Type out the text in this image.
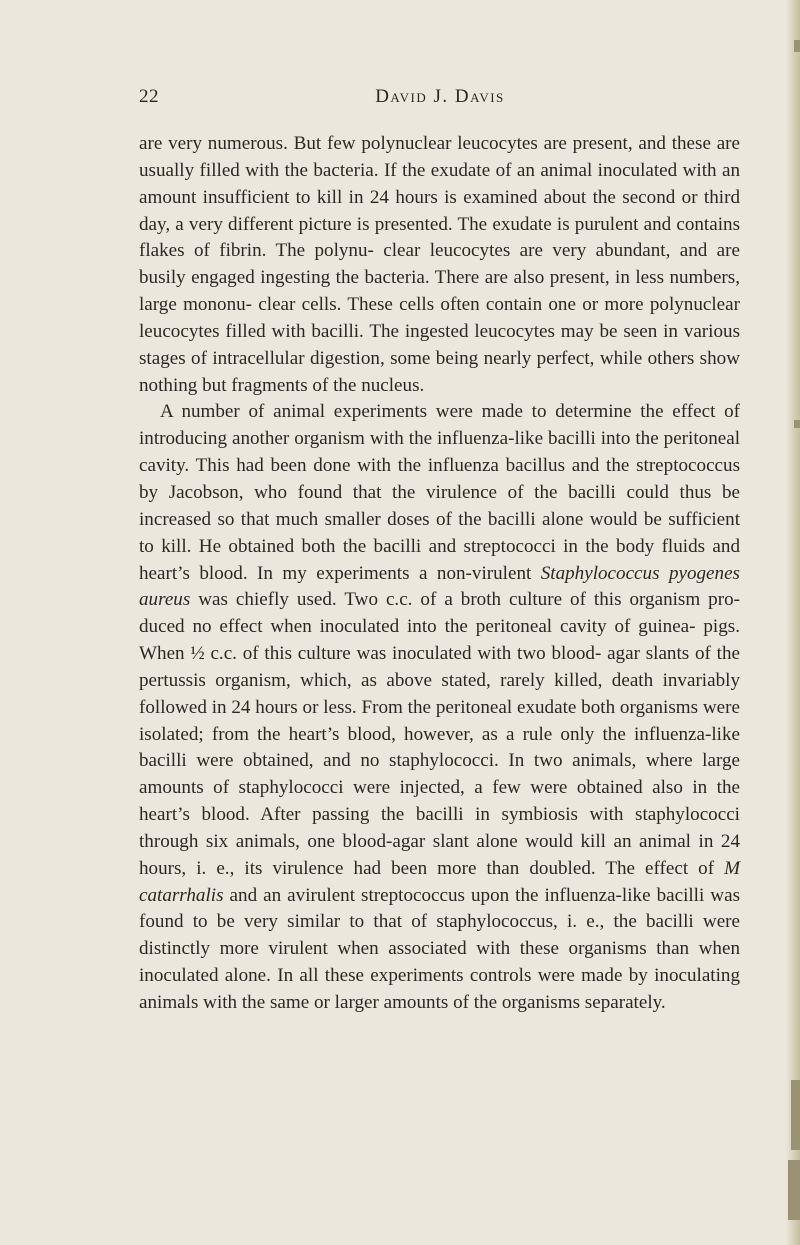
22	David J. Davis

are very numerous. But few polynuclear leucocytes are present, and these are usually filled with the bacteria. If the exudate of an animal inoculated with an amount insufficient to kill in 24 hours is examined about the second or third day, a very different picture is presented. The exudate is purulent and contains flakes of fibrin. The polynu- clear leucocytes are very abundant, and are busily engaged ingesting the bacteria. There are also present, in less numbers, large mononu- clear cells. These cells often contain one or more polynuclear leucocytes filled with bacilli. The ingested leucocytes may be seen in various stages of intracellular digestion, some being nearly perfect, while others show nothing but fragments of the nucleus.

A number of animal experiments were made to determine the effect of introducing another organism with the influenza-like bacilli into the peritoneal cavity. This had been done with the influenza bacillus and the streptococcus by Jacobson, who found that the virulence of the bacilli could thus be increased so that much smaller doses of the bacilli alone would be sufficient to kill. He obtained both the bacilli and streptococci in the body fluids and heart’s blood. In my experiments a non-virulent Staphylococcus pyogenes aureus was chiefly used. Two c.c. of a broth culture of this organism pro- duced no effect when inoculated into the peritoneal cavity of guinea- pigs. When ½ c.c. of this culture was inoculated with two blood- agar slants of the pertussis organism, which, as above stated, rarely killed, death invariably followed in 24 hours or less. From the peritoneal exudate both organisms were isolated; from the heart’s blood, however, as a rule only the influenza-like bacilli were obtained, and no staphylococci. In two animals, where large amounts of staphylococci were injected, a few were obtained also in the heart’s blood. After passing the bacilli in symbiosis with staphylococci through six animals, one blood-agar slant alone would kill an animal in 24 hours, i. e., its virulence had been more than doubled. The effect of M catarrhalis and an avirulent streptococcus upon the influenza-like bacilli was found to be very similar to that of staphylococcus, i. e., the bacilli were distinctly more virulent when associated with these organisms than when inoculated alone. In all these experiments controls were made by inoculating animals with the same or larger amounts of the organisms separately.
